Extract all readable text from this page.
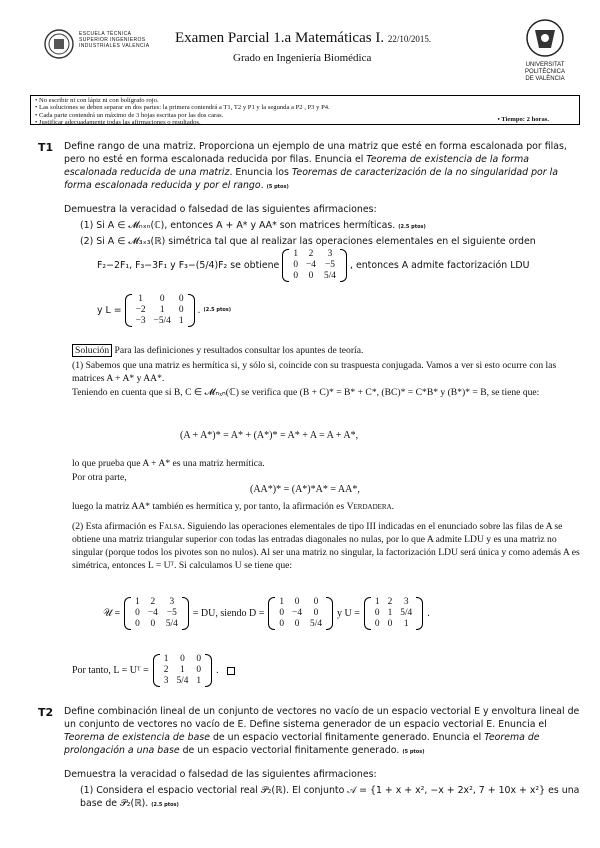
ESCUELA TÉCNICA
SUPERIOR INGENIEROS
INDUSTRIALES VALENCIA
Examen Parcial 1.a Matemáticas I. 22/10/2015.
Grado en Ingeniería Biomédica
UNIVERSITAT
POLITÈCNICA
DE VALÈNCIA
• No escribir ni con lápiz ni con bolígrafo rojo.
• Las soluciones se deben separar en dos partes: la primera contendrá a T1, T2 y P1 y la segunda a P2 , P3 y P4.
• Cada parte contendrá un máximo de 3 hojas escritas por las dos caras.
• Justificar adecuadamente todas las afirmaciones o resultados.
• Tiempo: 2 horas.
T1 Define rango de una matriz. Proporciona un ejemplo de una matriz que esté en forma escalonada por filas, pero no esté en forma escalonada reducida por filas. Enuncia el Teorema de existencia de la forma escalonada reducida de una matriz. Enuncia los Teoremas de caracterización de la no singularidad por la forma escalonada reducida y por el rango. (5 ptos)
Demuestra la veracidad o falsedad de las siguientes afirmaciones:
(1) Si A ∈ 𝓜ₙₓₙ(ℂ), entonces A + A* y AA* son matrices hermíticas. (2.5 ptos)
(2) Si A ∈ 𝓜₃ₓ₃(ℝ) simétrica tal que al realizar las operaciones elementales en el siguiente orden
F₂−2F₁, F₃−3F₁ y F₃−(5/4)F₂ se obtiene
1	2	3
0	−4	−5
0	0	5/4
, entonces A admite factorización LDU
y L =
1	0	0
−2	1	0
−3	−5/4	1
. (2.5 ptos)
Solución Para las definiciones y resultados consultar los apuntes de teoría.
(1) Sabemos que una matriz es hermítica si, y sólo si, coincide con su traspuesta conjugada. Vamos a ver si esto ocurre con las matrices A + A* y AA*.
Teniendo en cuenta que si B, C ∈ 𝓜ₙₓₙ(ℂ) se verifica que (B + C)* = B* + C*, (BC)* = C*B* y (B*)* = B, se tiene que:
(A + A*)* = A* + (A*)* = A* + A = A + A*,
lo que prueba que A + A* es una matriz hermítica.
Por otra parte,
(AA*)* = (A*)*A* = AA*,
luego la matriz AA* también es hermítica y, por tanto, la afirmación es Verdadera.
(2) Esta afirmación es Falsa. Siguiendo las operaciones elementales de tipo III indicadas en el enunciado sobre las filas de A se obtiene una matriz triangular superior con todas las entradas diagonales no nulas, por lo que A admite LDU y es una matriz no singular (porque todos los pivotes son no nulos). Al ser una matriz no singular, la factorización LDU será única y como además A es simétrica, entonces L = Uᵀ. Si calculamos U se tiene que:
𝒰 =
1	2	3
0	−4	−5
0	0	5/4
= DU, siendo D =
1	0	0
0	−4	0
0	0	5/4
y U =
1	2	3
0	1	5/4
0	0	1
.
Por tanto, L = Uᵀ =
1	0	0
2	1	0
3	5/4	1
.
T2 Define combinación lineal de un conjunto de vectores no vacío de un espacio vectorial E y envoltura lineal de un conjunto de vectores no vacío de E. Define sistema generador de un espacio vectorial E. Enuncia el Teorema de existencia de base de un espacio vectorial finitamente generado. Enuncia el Teorema de prolongación a una base de un espacio vectorial finitamente generado. (5 ptos)
Demuestra la veracidad o falsedad de las siguientes afirmaciones:
(1) Considera el espacio vectorial real 𝒫₂(ℝ). El conjunto 𝒜 = {1 + x + x², −x + 2x², 7 + 10x + x²} es una base de 𝒫₂(ℝ). (2.5 ptos)
